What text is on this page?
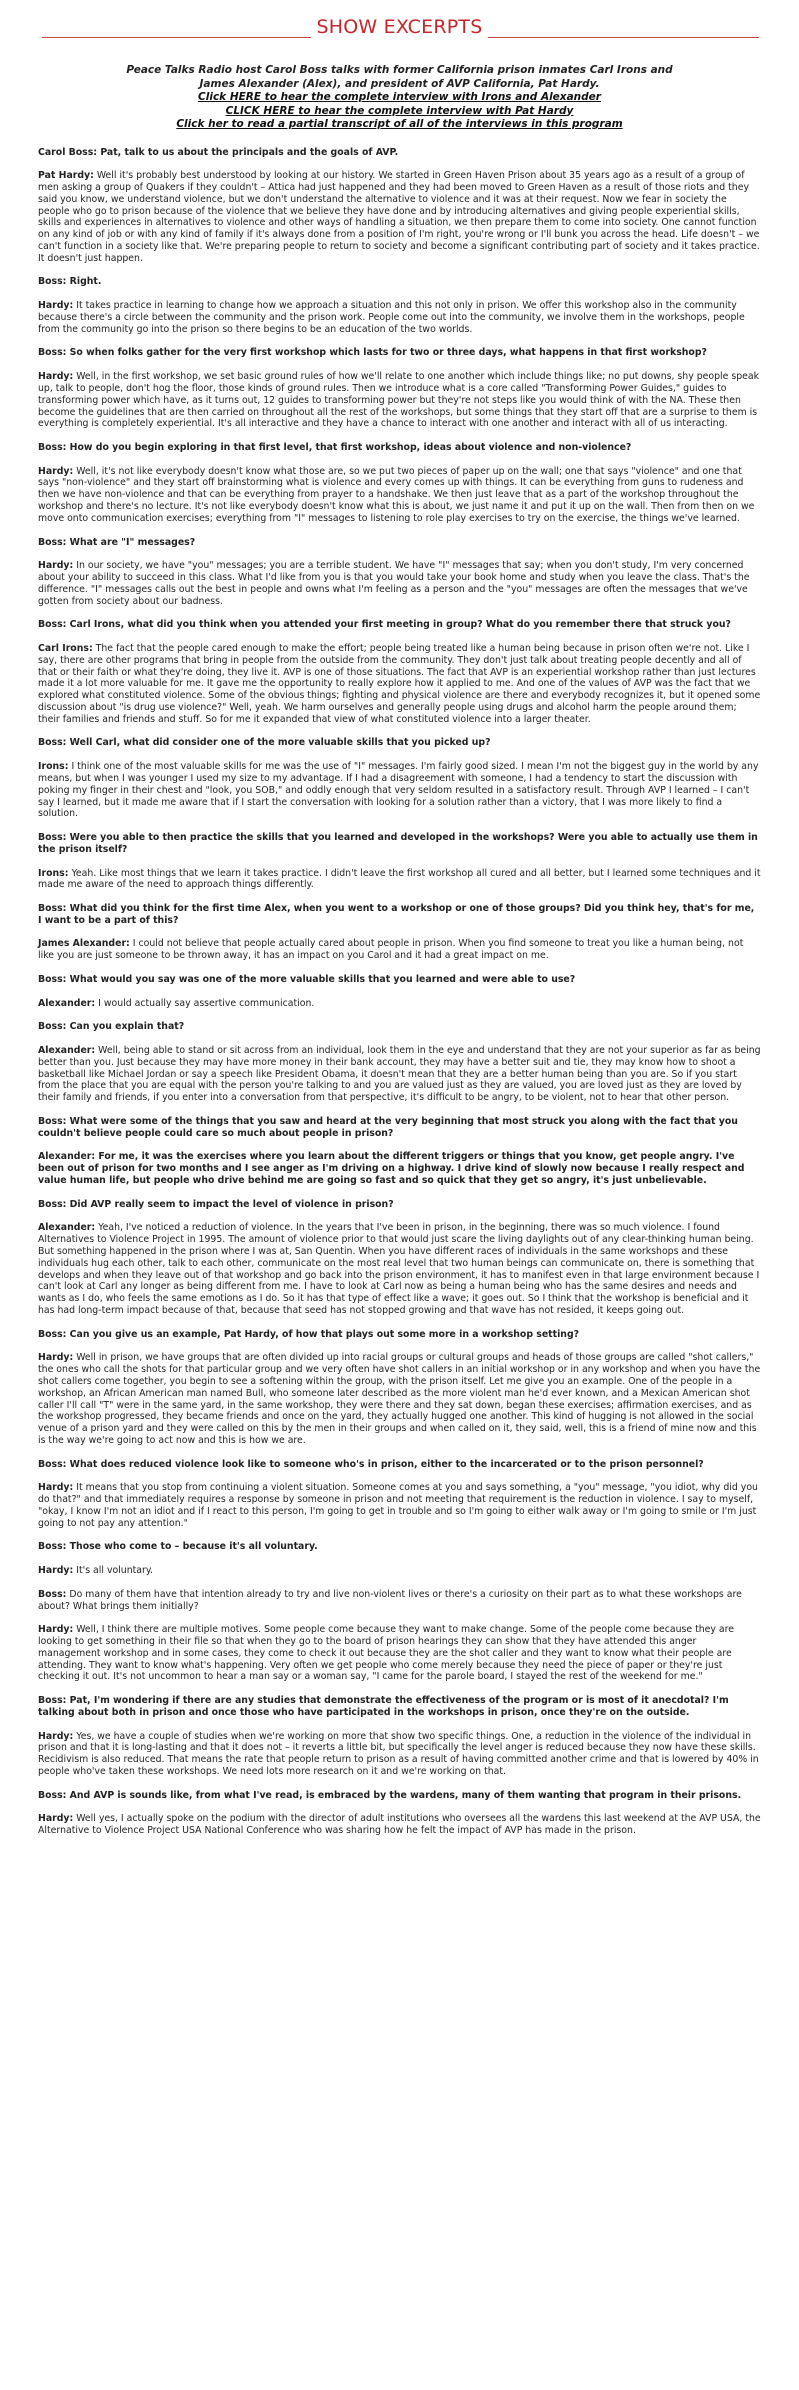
SHOW EXCERPTS
Peace Talks Radio host Carol Boss talks with former California prison inmates Carl Irons and James Alexander (Alex), and president of AVP California, Pat Hardy.
Click HERE to hear the complete interview with Irons and Alexander
CLICK HERE to hear the complete interview with Pat Hardy
Click her to read a partial transcript of all of the interviews in this program

Carol Boss: Pat, talk to us about the principals and the goals of AVP.

Pat Hardy: Well it's probably best understood by looking at our history. We started in Green Haven Prison about 35 years ago as a result of a group of men asking a group of Quakers if they couldn't – Attica had just happened and they had been moved to Green Haven as a result of those riots and they said you know, we understand violence, but we don't understand the alternative to violence and it was at their request. Now we fear in society the people who go to prison because of the violence that we believe they have done and by introducing alternatives and giving people experiential skills, skills and experiences in alternatives to violence and other ways of handling a situation, we then prepare them to come into society. One cannot function on any kind of job or with any kind of family if it's always done from a position of I'm right, you're wrong or I'll bunk you across the head. Life doesn't – we can't function in a society like that. We're preparing people to return to society and become a significant contributing part of society and it takes practice. It doesn't just happen.

Boss: Right.

Hardy: It takes practice in learning to change how we approach a situation and this not only in prison. We offer this workshop also in the community because there's a circle between the community and the prison work. People come out into the community, we involve them in the workshops, people from the community go into the prison so there begins to be an education of the two worlds.

Boss: So when folks gather for the very first workshop which lasts for two or three days, what happens in that first workshop?

Hardy: Well, in the first workshop, we set basic ground rules of how we'll relate to one another which include things like; no put downs, shy people speak up, talk to people, don't hog the floor, those kinds of ground rules. Then we introduce what is a core called "Transforming Power Guides," guides to transforming power which have, as it turns out, 12 guides to transforming power but they're not steps like you would think of with the NA. These then become the guidelines that are then carried on throughout all the rest of the workshops, but some things that they start off that are a surprise to them is everything is completely experiential. It's all interactive and they have a chance to interact with one another and interact with all of us interacting.

Boss: How do you begin exploring in that first level, that first workshop, ideas about violence and non-violence?

Hardy: Well, it's not like everybody doesn't know what those are, so we put two pieces of paper up on the wall; one that says "violence" and one that says "non-violence" and they start off brainstorming what is violence and every comes up with things. It can be everything from guns to rudeness and then we have non-violence and that can be everything from prayer to a handshake. We then just leave that as a part of the workshop throughout the workshop and there's no lecture. It's not like everybody doesn't know what this is about, we just name it and put it up on the wall. Then from then on we move onto communication exercises; everything from "I" messages to listening to role play exercises to try on the exercise, the things we've learned.

Boss: What are "I" messages?

Hardy: In our society, we have "you" messages; you are a terrible student. We have "I" messages that say; when you don't study, I'm very concerned about your ability to succeed in this class. What I'd like from you is that you would take your book home and study when you leave the class. That's the difference. "I" messages calls out the best in people and owns what I'm feeling as a person and the "you" messages are often the messages that we've gotten from society about our badness.

Boss: Carl Irons, what did you think when you attended your first meeting in group? What do you remember there that struck you?

Carl Irons: The fact that the people cared enough to make the effort; people being treated like a human being because in prison often we're not. Like I say, there are other programs that bring in people from the outside from the community. They don't just talk about treating people decently and all of that or their faith or what they're doing, they live it. AVP is one of those situations. The fact that AVP is an experiential workshop rather than just lectures made it a lot more valuable for me. It gave me the opportunity to really explore how it applied to me. And one of the values of AVP was the fact that we explored what constituted violence. Some of the obvious things; fighting and physical violence are there and everybody recognizes it, but it opened some discussion about "is drug use violence?" Well, yeah. We harm ourselves and generally people using drugs and alcohol harm the people around them; their families and friends and stuff. So for me it expanded that view of what constituted violence into a larger theater.

Boss: Well Carl, what did consider one of the more valuable skills that you picked up?

Irons: I think one of the most valuable skills for me was the use of "I" messages. I'm fairly good sized. I mean I'm not the biggest guy in the world by any means, but when I was younger I used my size to my advantage. If I had a disagreement with someone, I had a tendency to start the discussion with poking my finger in their chest and "look, you SOB," and oddly enough that very seldom resulted in a satisfactory result. Through AVP I learned – I can't say I learned, but it made me aware that if I start the conversation with looking for a solution rather than a victory, that I was more likely to find a solution.

Boss: Were you able to then practice the skills that you learned and developed in the workshops? Were you able to actually use them in the prison itself?

Irons: Yeah. Like most things that we learn it takes practice. I didn't leave the first workshop all cured and all better, but I learned some techniques and it made me aware of the need to approach things differently.

Boss: What did you think for the first time Alex, when you went to a workshop or one of those groups? Did you think hey, that's for me, I want to be a part of this?

James Alexander: I could not believe that people actually cared about people in prison. When you find someone to treat you like a human being, not like you are just someone to be thrown away, it has an impact on you Carol and it had a great impact on me.

Boss: What would you say was one of the more valuable skills that you learned and were able to use?

Alexander: I would actually say assertive communication.

Boss: Can you explain that?

Alexander: Well, being able to stand or sit across from an individual, look them in the eye and understand that they are not your superior as far as being better than you. Just because they may have more money in their bank account, they may have a better suit and tie, they may know how to shoot a basketball like Michael Jordan or say a speech like President Obama, it doesn't mean that they are a better human being than you are. So if you start from the place that you are equal with the person you're talking to and you are valued just as they are valued, you are loved just as they are loved by their family and friends, if you enter into a conversation from that perspective, it's difficult to be angry, to be violent, not to hear that other person.

Boss: What were some of the things that you saw and heard at the very beginning that most struck you along with the fact that you couldn't believe people could care so much about people in prison?

Alexander: For me, it was the exercises where you learn about the different triggers or things that you know, get people angry. I've been out of prison for two months and I see anger as I'm driving on a highway. I drive kind of slowly now because I really respect and value human life, but people who drive behind me are going so fast and so quick that they get so angry, it's just unbelievable.

Boss: Did AVP really seem to impact the level of violence in prison?

Alexander: Yeah, I've noticed a reduction of violence. In the years that I've been in prison, in the beginning, there was so much violence. I found Alternatives to Violence Project in 1995. The amount of violence prior to that would just scare the living daylights out of any clear-thinking human being. But something happened in the prison where I was at, San Quentin. When you have different races of individuals in the same workshops and these individuals hug each other, talk to each other, communicate on the most real level that two human beings can communicate on, there is something that develops and when they leave out of that workshop and go back into the prison environment, it has to manifest even in that large environment because I can't look at Carl any longer as being different from me. I have to look at Carl now as being a human being who has the same desires and needs and wants as I do, who feels the same emotions as I do. So it has that type of effect like a wave; it goes out. So I think that the workshop is beneficial and it has had long-term impact because of that, because that seed has not stopped growing and that wave has not resided, it keeps going out.

Boss: Can you give us an example, Pat Hardy, of how that plays out some more in a workshop setting?

Hardy: Well in prison, we have groups that are often divided up into racial groups or cultural groups and heads of those groups are called "shot callers," the ones who call the shots for that particular group and we very often have shot callers in an initial workshop or in any workshop and when you have the shot callers come together, you begin to see a softening within the group, with the prison itself. Let me give you an example. One of the people in a workshop, an African American man named Bull, who someone later described as the more violent man he'd ever known, and a Mexican American shot caller I'll call "T" were in the same yard, in the same workshop, they were there and they sat down, began these exercises; affirmation exercises, and as the workshop progressed, they became friends and once on the yard, they actually hugged one another. This kind of hugging is not allowed in the social venue of a prison yard and they were called on this by the men in their groups and when called on it, they said, well, this is a friend of mine now and this is the way we're going to act now and this is how we are.

Boss: What does reduced violence look like to someone who's in prison, either to the incarcerated or to the prison personnel?

Hardy: It means that you stop from continuing a violent situation. Someone comes at you and says something, a "you" message, "you idiot, why did you do that?" and that immediately requires a response by someone in prison and not meeting that requirement is the reduction in violence. I say to myself, "okay, I know I'm not an idiot and if I react to this person, I'm going to get in trouble and so I'm going to either walk away or I'm going to smile or I'm just going to not pay any attention."

Boss: Those who come to – because it's all voluntary.

Hardy: It's all voluntary.

Boss: Do many of them have that intention already to try and live non-violent lives or there's a curiosity on their part as to what these workshops are about? What brings them initially?

Hardy: Well, I think there are multiple motives. Some people come because they want to make change. Some of the people come because they are looking to get something in their file so that when they go to the board of prison hearings they can show that they have attended this anger management workshop and in some cases, they come to check it out because they are the shot caller and they want to know what their people are attending. They want to know what's happening. Very often we get people who come merely because they need the piece of paper or they're just checking it out. It's not uncommon to hear a man say or a woman say, "I came for the parole board, I stayed the rest of the weekend for me."

Boss: Pat, I'm wondering if there are any studies that demonstrate the effectiveness of the program or is most of it anecdotal? I'm talking about both in prison and once those who have participated in the workshops in prison, once they're on the outside.

Hardy: Yes, we have a couple of studies when we're working on more that show two specific things. One, a reduction in the violence of the individual in prison and that it is long-lasting and that it does not – it reverts a little bit, but specifically the level anger is reduced because they now have these skills. Recidivism is also reduced. That means the rate that people return to prison as a result of having committed another crime and that is lowered by 40% in people who've taken these workshops. We need lots more research on it and we're working on that.

Boss: And AVP is sounds like, from what I've read, is embraced by the wardens, many of them wanting that program in their prisons.

Hardy: Well yes, I actually spoke on the podium with the director of adult institutions who oversees all the wardens this last weekend at the AVP USA, the Alternative to Violence Project USA National Conference who was sharing how he felt the impact of AVP has made in the prison.
